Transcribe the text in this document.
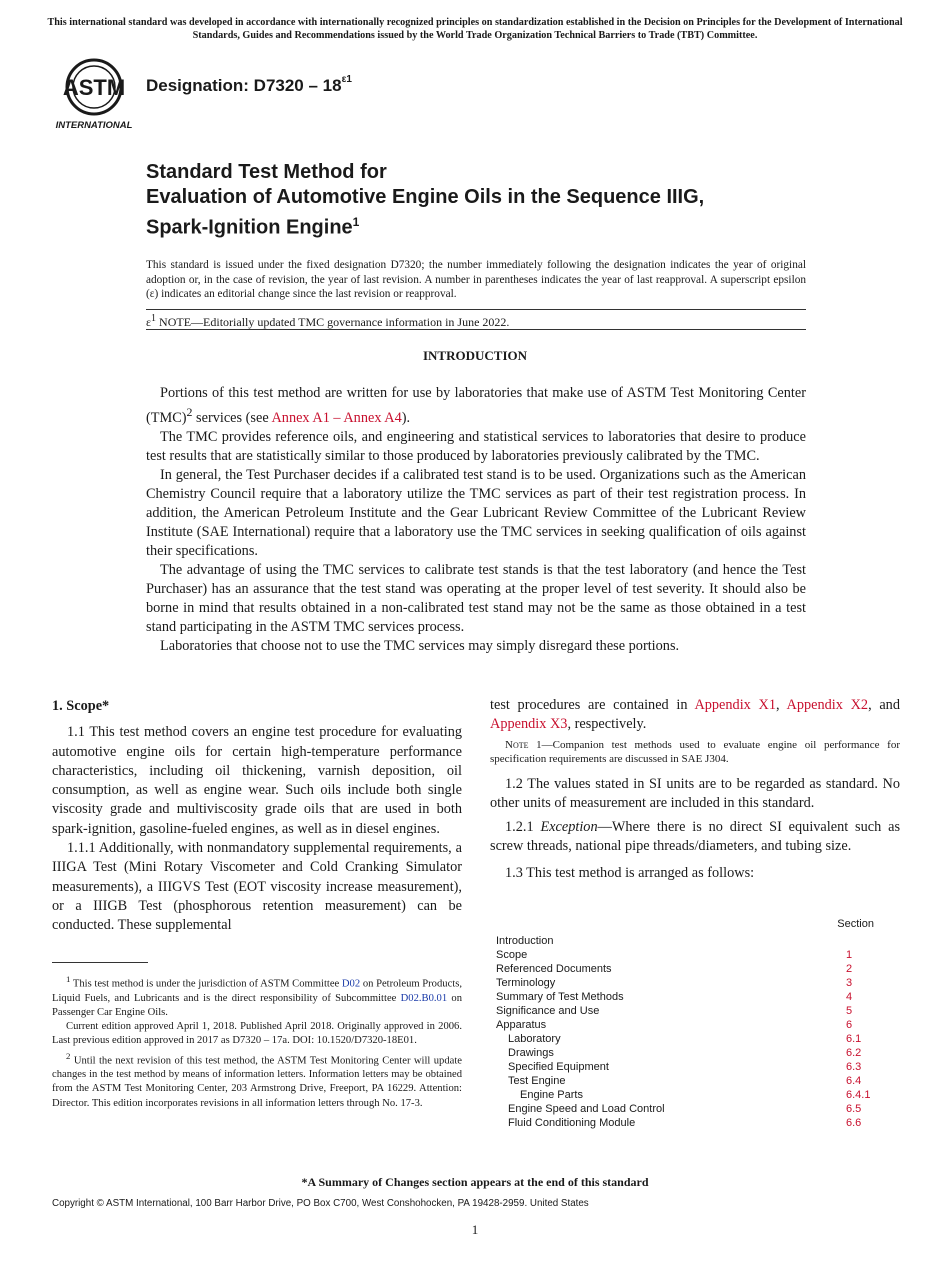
This international standard was developed in accordance with internationally recognized principles on standardization established in the Decision on Principles for the Development of International Standards, Guides and Recommendations issued by the World Trade Organization Technical Barriers to Trade (TBT) Committee.
ASTM
INTERNATIONAL
Designation: $D7320 - 18^{\varepsilon 1}$
Standard Test Method for
Evaluation of Automotive Engine Oils in the Sequence IIIG,
Spark-Ignition Engine$^1$
This standard is issued under the fixed designation D7320; the number immediately following the designation indicates the year of original adoption or, in the case of revision, the year of last revision. A number in parentheses indicates the year of last reapproval. A superscript epsilon (ε) indicates an editorial change since the last revision or reapproval.
$\varepsilon^1$ NOTE—Editorially updated TMC governance information in June 2022.
INTRODUCTION

Portions of this test method are written for use by laboratories that make use of ASTM Test Monitoring Center (TMC)$^2$ services (see Annex A1 – Annex A4).

The TMC provides reference oils, and engineering and statistical services to laboratories that desire to produce test results that are statistically similar to those produced by laboratories previously calibrated by the TMC.

In general, the Test Purchaser decides if a calibrated test stand is to be used. Organizations such as the American Chemistry Council require that a laboratory utilize the TMC services as part of their test registration process. In addition, the American Petroleum Institute and the Gear Lubricant Review Committee of the Lubricant Review Institute (SAE International) require that a laboratory use the TMC services in seeking qualification of oils against their specifications.

The advantage of using the TMC services to calibrate test stands is that the test laboratory (and hence the Test Purchaser) has an assurance that the test stand was operating at the proper level of test severity. It should also be borne in mind that results obtained in a non-calibrated test stand may not be the same as those obtained in a test stand participating in the ASTM TMC services process.

Laboratories that choose not to use the TMC services may simply disregard these portions.

1. Scope*

1.1 This test method covers an engine test procedure for evaluating automotive engine oils for certain high-temperature performance characteristics, including oil thickening, varnish deposition, oil consumption, as well as engine wear. Such oils include both single viscosity grade and multiviscosity grade oils that are used in both spark-ignition, gasoline-fueled engines, as well as in diesel engines.

1.1.1 Additionally, with nonmandatory supplemental requirements, a IIIGA Test (Mini Rotary Viscometer and Cold Cranking Simulator measurements), a IIIGVS Test (EOT viscosity increase measurement), or a IIIGB Test (phosphorous retention measurement) can be conducted. These supplemental

$^1$ This test method is under the jurisdiction of ASTM Committee D02 on Petroleum Products, Liquid Fuels, and Lubricants and is the direct responsibility of Subcommittee D02.B0.01 on Passenger Car Engine Oils.

Current edition approved April 1, 2018. Published April 2018. Originally approved in 2006. Last previous edition approved in 2017 as D7320 – 17a. DOI: 10.1520/D7320-18E01.

$^2$ Until the next revision of this test method, the ASTM Test Monitoring Center will update changes in the test method by means of information letters. Information letters may be obtained from the ASTM Test Monitoring Center, 203 Armstrong Drive, Freeport, PA 16229. Attention: Director. This edition incorporates revisions in all information letters through No. 17-3.

test procedures are contained in Appendix X1, Appendix X2, and Appendix X3, respectively.

Note 1—Companion test methods used to evaluate engine oil performance for specification requirements are discussed in SAE J304.

1.2 The values stated in SI units are to be regarded as standard. No other units of measurement are included in this standard.

1.2.1 Exception—Where there is no direct SI equivalent such as screw threads, national pipe threads/diameters, and tubing size.

1.3 This test method is arranged as follows:

Section
Introduction
Scope	1
Referenced Documents	2
Terminology	3
Summary of Test Methods	4
Significance and Use	5
Apparatus	6
Laboratory	6.1
Drawings	6.2
Specified Equipment	6.3
Test Engine	6.4
Engine Parts	6.4.1
Engine Speed and Load Control	6.5
Fluid Conditioning Module	6.6
*A Summary of Changes section appears at the end of this standard
Copyright © ASTM International, 100 Barr Harbor Drive, PO Box C700, West Conshohocken, PA 19428-2959. United States
1
